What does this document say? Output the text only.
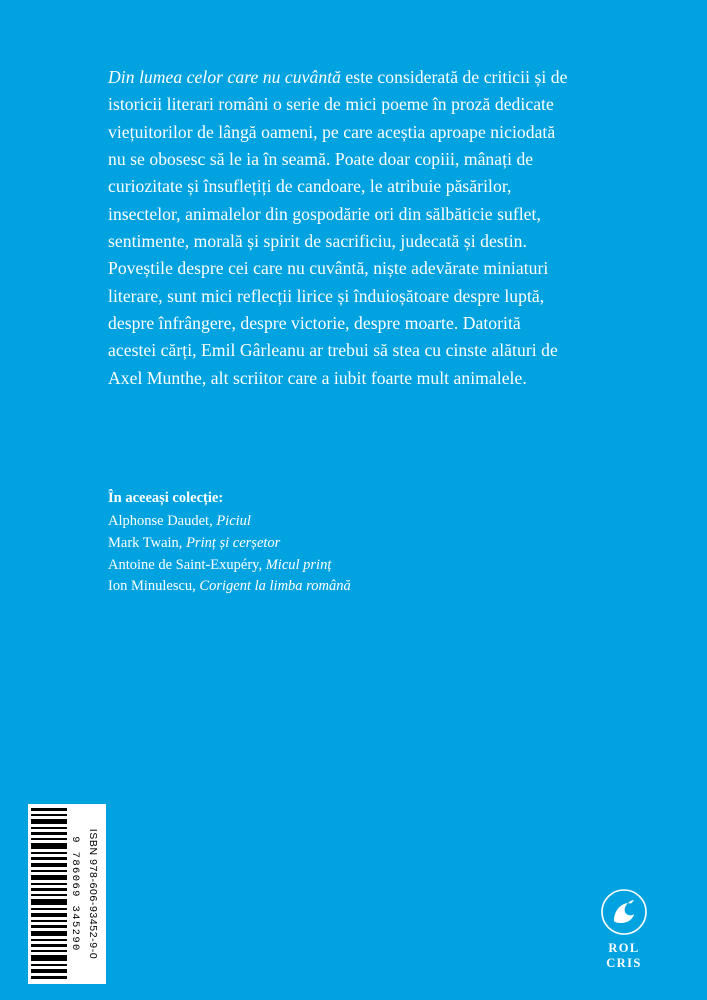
Din lumea celor care nu cuvântă este considerată de criticii și de istoricii literari români o serie de mici poeme în proză dedicate viețuitorilor de lângă oameni, pe care aceștia aproape niciodată nu se obosesc să le ia în seamă. Poate doar copiii, mânați de curiozitate și însuflețiți de candoare, le atribuie păsărilor, insectelor, animalelor din gospodărie ori din sălbăticie suflet, sentimente, morală și spirit de sacrificiu, judecată și destin. Poveștile despre cei care nu cuvântă, niște adevărate miniaturi literare, sunt mici reflecții lirice și înduioșătoare despre luptă, despre înfrângere, despre victorie, despre moarte. Datorită acestei cărți, Emil Gârleanu ar trebui să stea cu cinste alături de Axel Munthe, alt scriitor care a iubit foarte mult animalele.
În aceeași colecție:
Alphonse Daudet, Piciul
Mark Twain, Prinț și cerșetor
Antoine de Saint-Exupéry, Micul prinț
Ion Minulescu, Corigent la limba română
9 786069 345290 ISBN 978-606-93452-9-0	ROL
CRIS
